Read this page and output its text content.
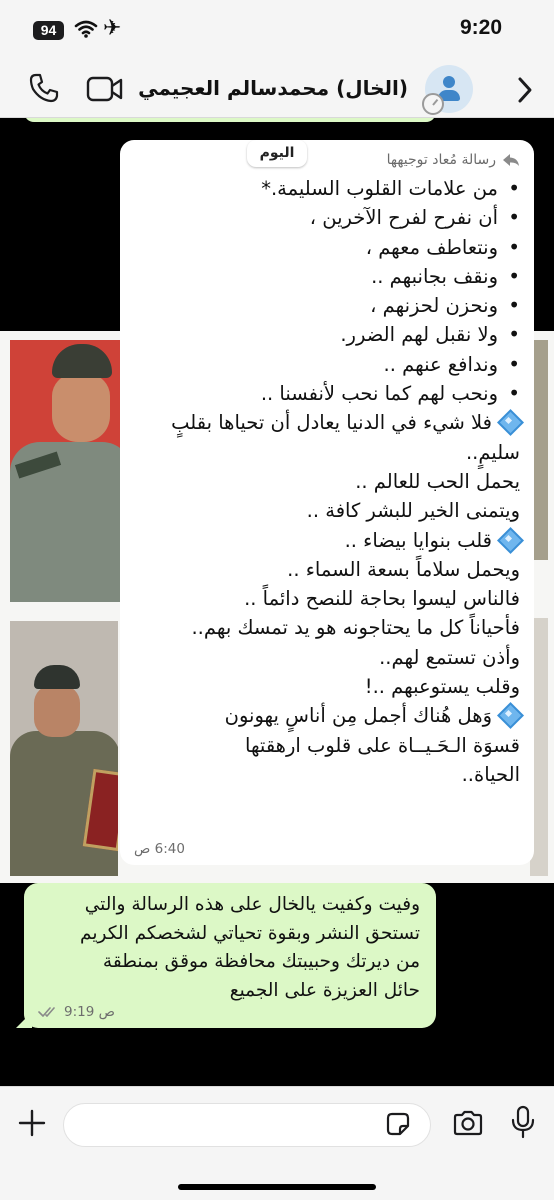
94	✈	9:20
(الخال) محمدسالم العجيمي
رسالة مُعاد توجيهها
• من علامات القلوب السليمة.*
• أن نفرح لفرح الآخرين ،
• ونتعاطف معهم ،
• ونقف بجانبهم ..
• ونحزن لحزنهم ،
• ولا نقبل لهم الضرر.
• وندافع عنهم ..
• ونحب لهم كما نحب لأنفسنا ..

فلا شيء في الدنيا يعادل أن تحياها بقلبٍ

سليمٍ..

يحمل الحب للعالم ..

ويتمنى الخير للبشر كافة ..

قلب بنوايا بيضاء ..

ويحمل سلاماً بسعة السماء ..

ف‍الناس ليسوا بحاجة للنصح دائماً ..

فأحياناً كل ما يحتاجونه هو يد تمسك بهم..

وأذن تستمع لهم..

وقلب يستوعبهم ..!

وَهل هُناك أجمل مِن أناسٍ يهونون

قسوَة الـحَـيــاة على قلوب ارهقتها

الحياة..

6:40 ص
اليوم

وفيت وكفيت يالخال على هذه الرسالة والتي

تستحق النشر وبقوة تحياتي لشخصكم الكريم

من ديرتك وحبيبتك محافظة موقق بمنطقة

حائل العزيزة على الجميع

9:19 ص
